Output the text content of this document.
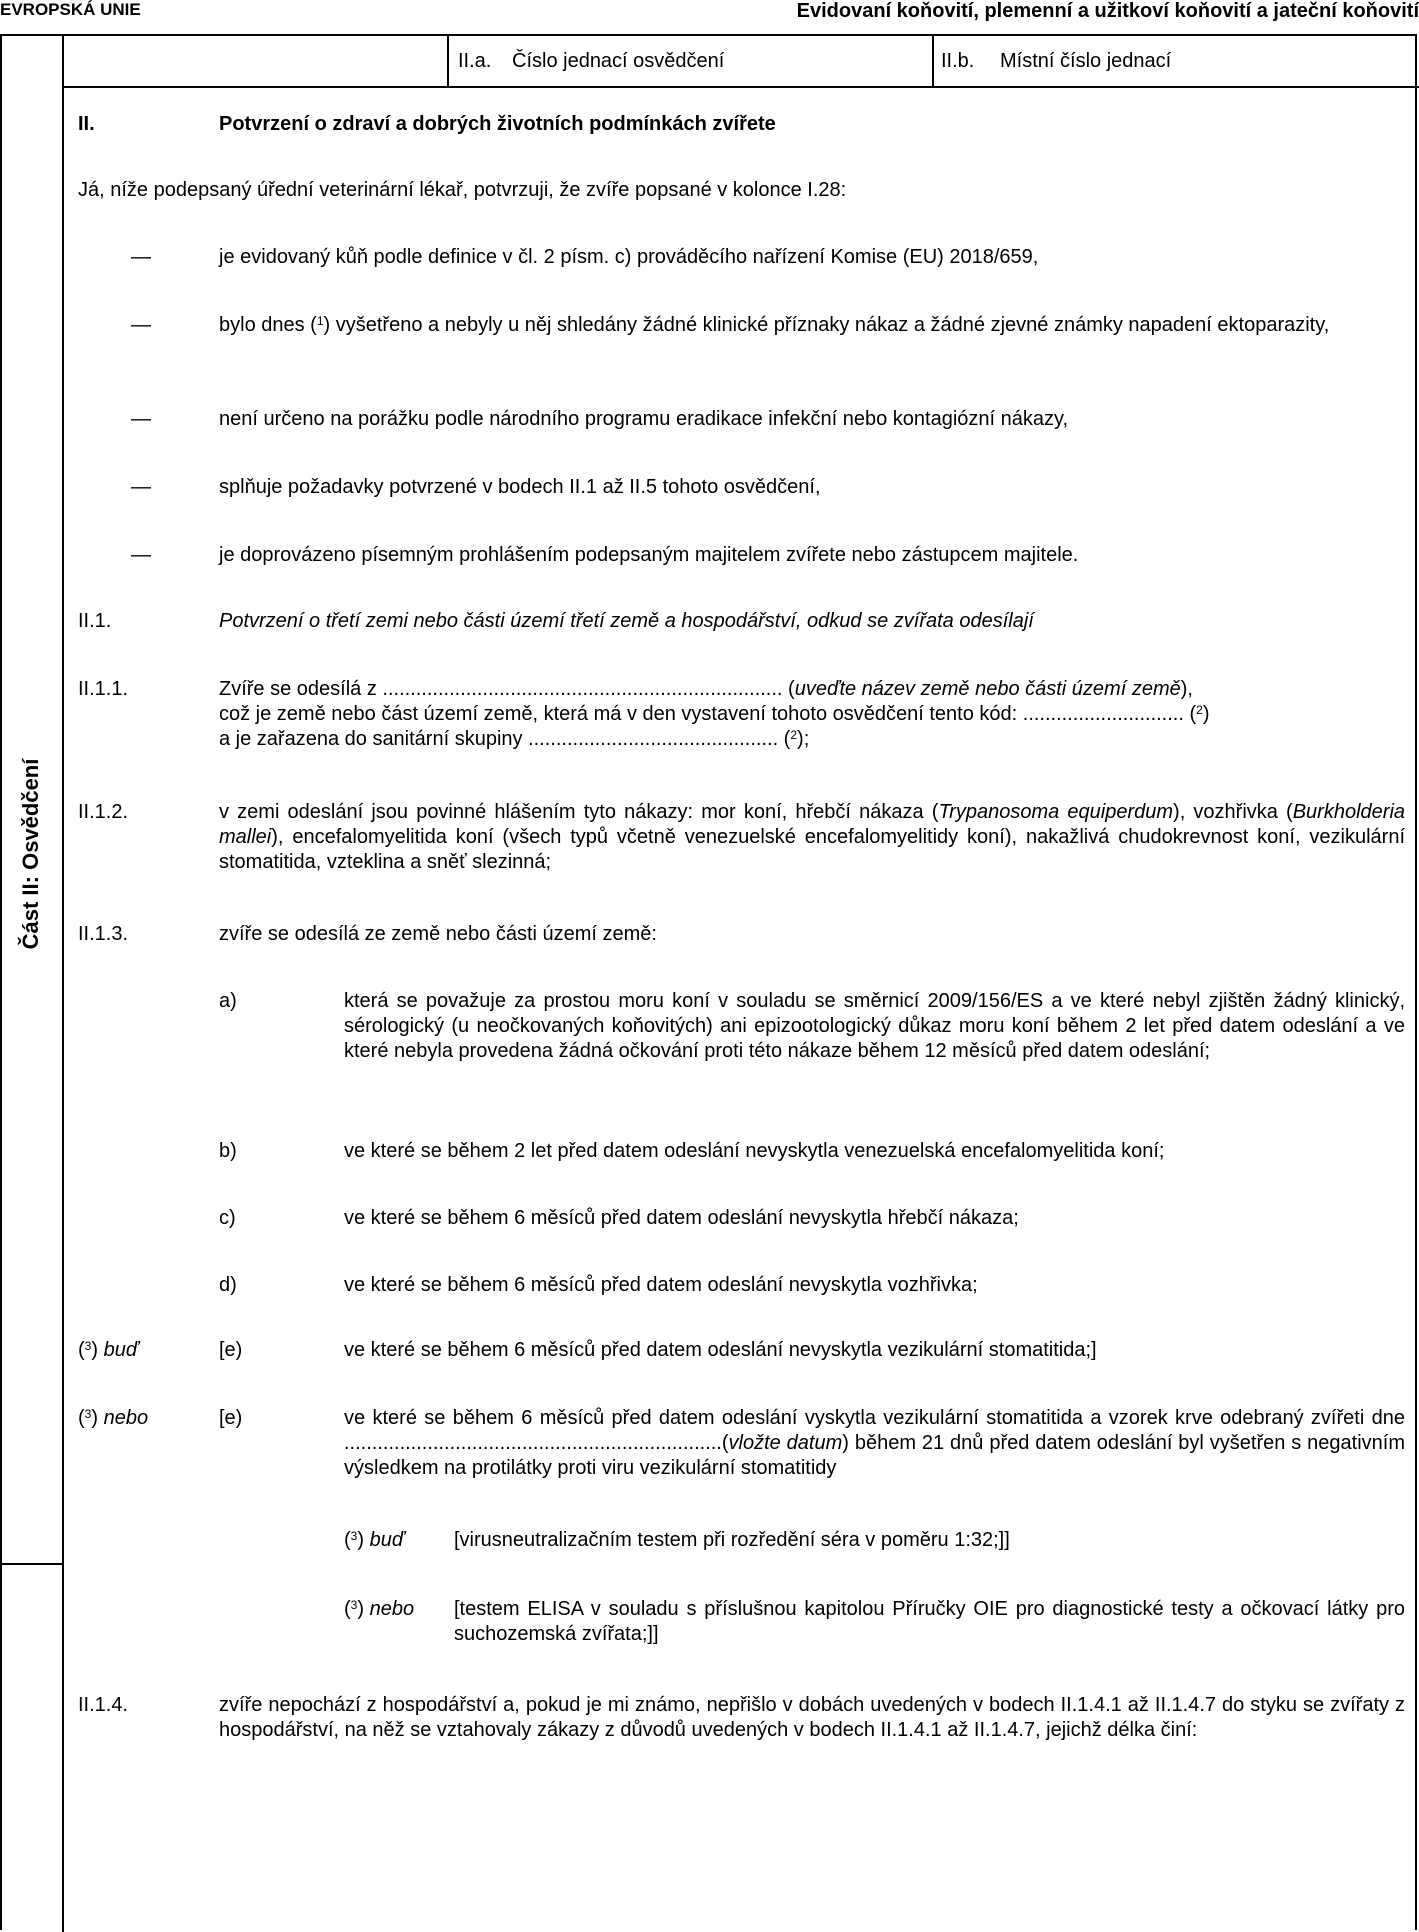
EVROPSKÁ UNIE	Evidovaní koňovití, plemenní a užitkoví koňovití a jateční koňovití
II.a. Číslo jednací osvědčení	II.b. Místní číslo jednací
Část II: Osvědčení
II.	Potvrzení o zdraví a dobrých životních podmínkách zvířete
Já, níže podepsaný úřední veterinární lékař, potvrzuji, že zvíře popsané v kolonce I.28:
—	je evidovaný kůň podle definice v čl. 2 písm. c) prováděcího nařízení Komise (EU) 2018/659,
—	bylo dnes ($^1$) vyšetřeno a nebyly u něj shledány žádné klinické příznaky nákaz a žádné zjevné známky napadení ektoparazity,
—	není určeno na porážku podle národního programu eradikace infekční nebo kontagiózní nákazy,
—	splňuje požadavky potvrzené v bodech II.1 až II.5 tohoto osvědčení,
—	je doprovázeno písemným prohlášením podepsaným majitelem zvířete nebo zástupcem majitele.
II.1.	Potvrzení o třetí zemi nebo části území třetí země a hospodářství, odkud se zvířata odesílají
II.1.1.	Zvíře se odesílá z ........................................................................ (uveďte název země nebo části území země),
což je země nebo část území země, která má v den vystavení tohoto osvědčení tento kód: ............................. ($^2$)
a je zařazena do sanitární skupiny ............................................. ($^2$);
II.1.2.	v zemi odeslání jsou povinné hlášením tyto nákazy: mor koní, hřebčí nákaza (Trypanosoma equiperdum), vozhřivka (Burkholderia mallei), encefalomyelitida koní (všech typů včetně venezuelské encefalomyelitidy koní), nakažlivá chudokrevnost koní, vezikulární stomatitida, vzteklina a sněť slezinná;
II.1.3.	zvíře se odesílá ze země nebo části území země:
a)	která se považuje za prostou moru koní v souladu se směrnicí 2009/156/ES a ve které nebyl zjištěn žádný klinický, sérologický (u neočkovaných koňovitých) ani epizootologický důkaz moru koní během 2 let před datem odeslání a ve které nebyla provedena žádná očkování proti této nákaze během 12 měsíců před datem odeslání;
b)	ve které se během 2 let před datem odeslání nevyskytla venezuelská encefalomyelitida koní;
c)	ve které se během 6 měsíců před datem odeslání nevyskytla hřebčí nákaza;
d)	ve které se během 6 měsíců před datem odeslání nevyskytla vozhřivka;
($^3$) buď	[e)	ve které se během 6 měsíců před datem odeslání nevyskytla vezikulární stomatitida;]
($^3$) nebo	[e)	ve které se během 6 měsíců před datem odeslání vyskytla vezikulární stomatitida a vzorek krve odebraný zvířeti dne ....................................................................(vložte datum) během 21 dnů před datem odeslání byl vyšetřen s negativním výsledkem na protilátky proti viru vezikulární stomatitidy
($^3$) buď [virusneutralizačním testem při rozředění séra v poměru 1:32;]]
($^3$) nebo [testem ELISA v souladu s příslušnou kapitolou Příručky OIE pro diagnostické testy a očkovací látky pro suchozemská zvířata;]]
II.1.4.	zvíře nepochází z hospodářství a, pokud je mi známo, nepřišlo v dobách uvedených v bodech II.1.4.1 až II.1.4.7 do styku se zvířaty z hospodářství, na něž se vztahovaly zákazy z důvodů uvedených v bodech II.1.4.1 až II.1.4.7, jejichž délka činí:
